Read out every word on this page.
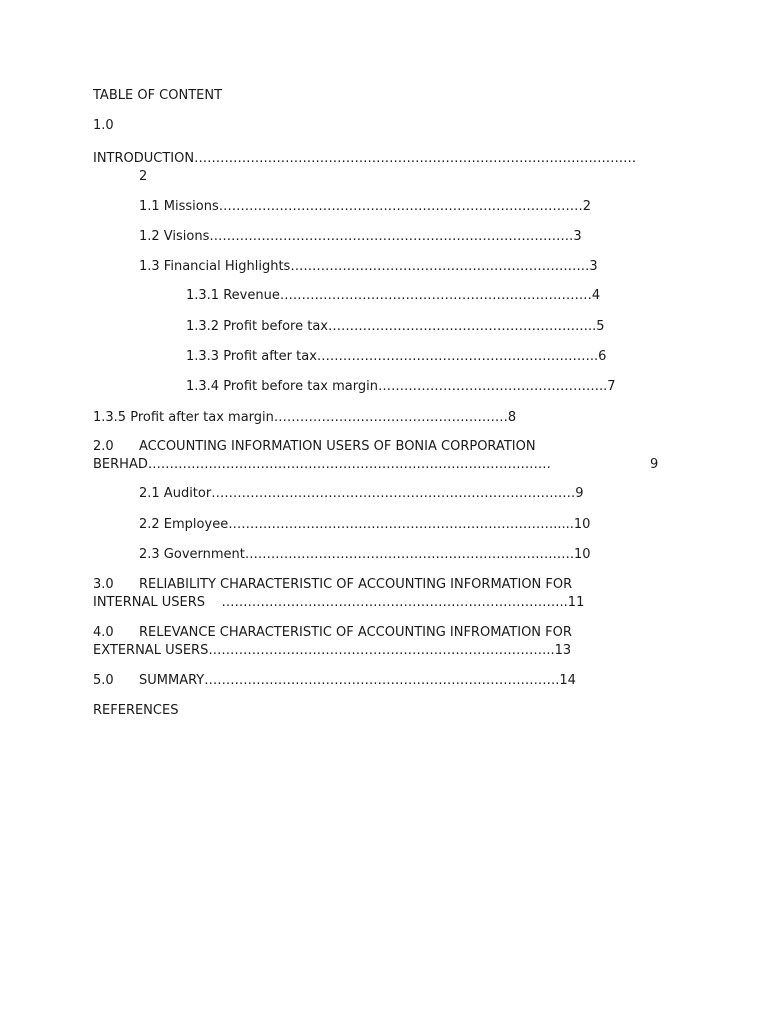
TABLE OF CONTENT
1.0
INTRODUCTION…………………………………………………………………………………………
2
1.1 Missions…………………………………………………………………………2
1.2 Visions…………………………………………………………………………3
1.3 Financial Highlights……………………………………………………………3
1.3.1 Revenue………………………………………………………………4
1.3.2 Profit before tax……………………………………………………..5
1.3.3 Profit after tax………………………………………………………..6
1.3.4 Profit before tax margin……………………………………………..7
1.3.5 Profit after tax margin………………………………………………8
2.0 ACCOUNTING INFORMATION USERS OF BONIA CORPORATION
BERHAD…………………………………………………………………………………	9
2.1 Auditor…………………………………………………………………………9
2.2 Employee………………………………………………………………….....10
2.3 Government………………………………………………………………….10
3.0 RELIABILITY CHARACTERISTIC OF ACCOUNTING INFORMATION FOR
INTERNAL USERS    ……………………………………………………………………..11
4.0 RELEVANCE CHARACTERISTIC OF ACCOUNTING INFROMATION FOR
EXTERNAL USERS……………………………………………………………………..13
5.0 SUMMARY……………………………………………………………………….14
REFERENCES
